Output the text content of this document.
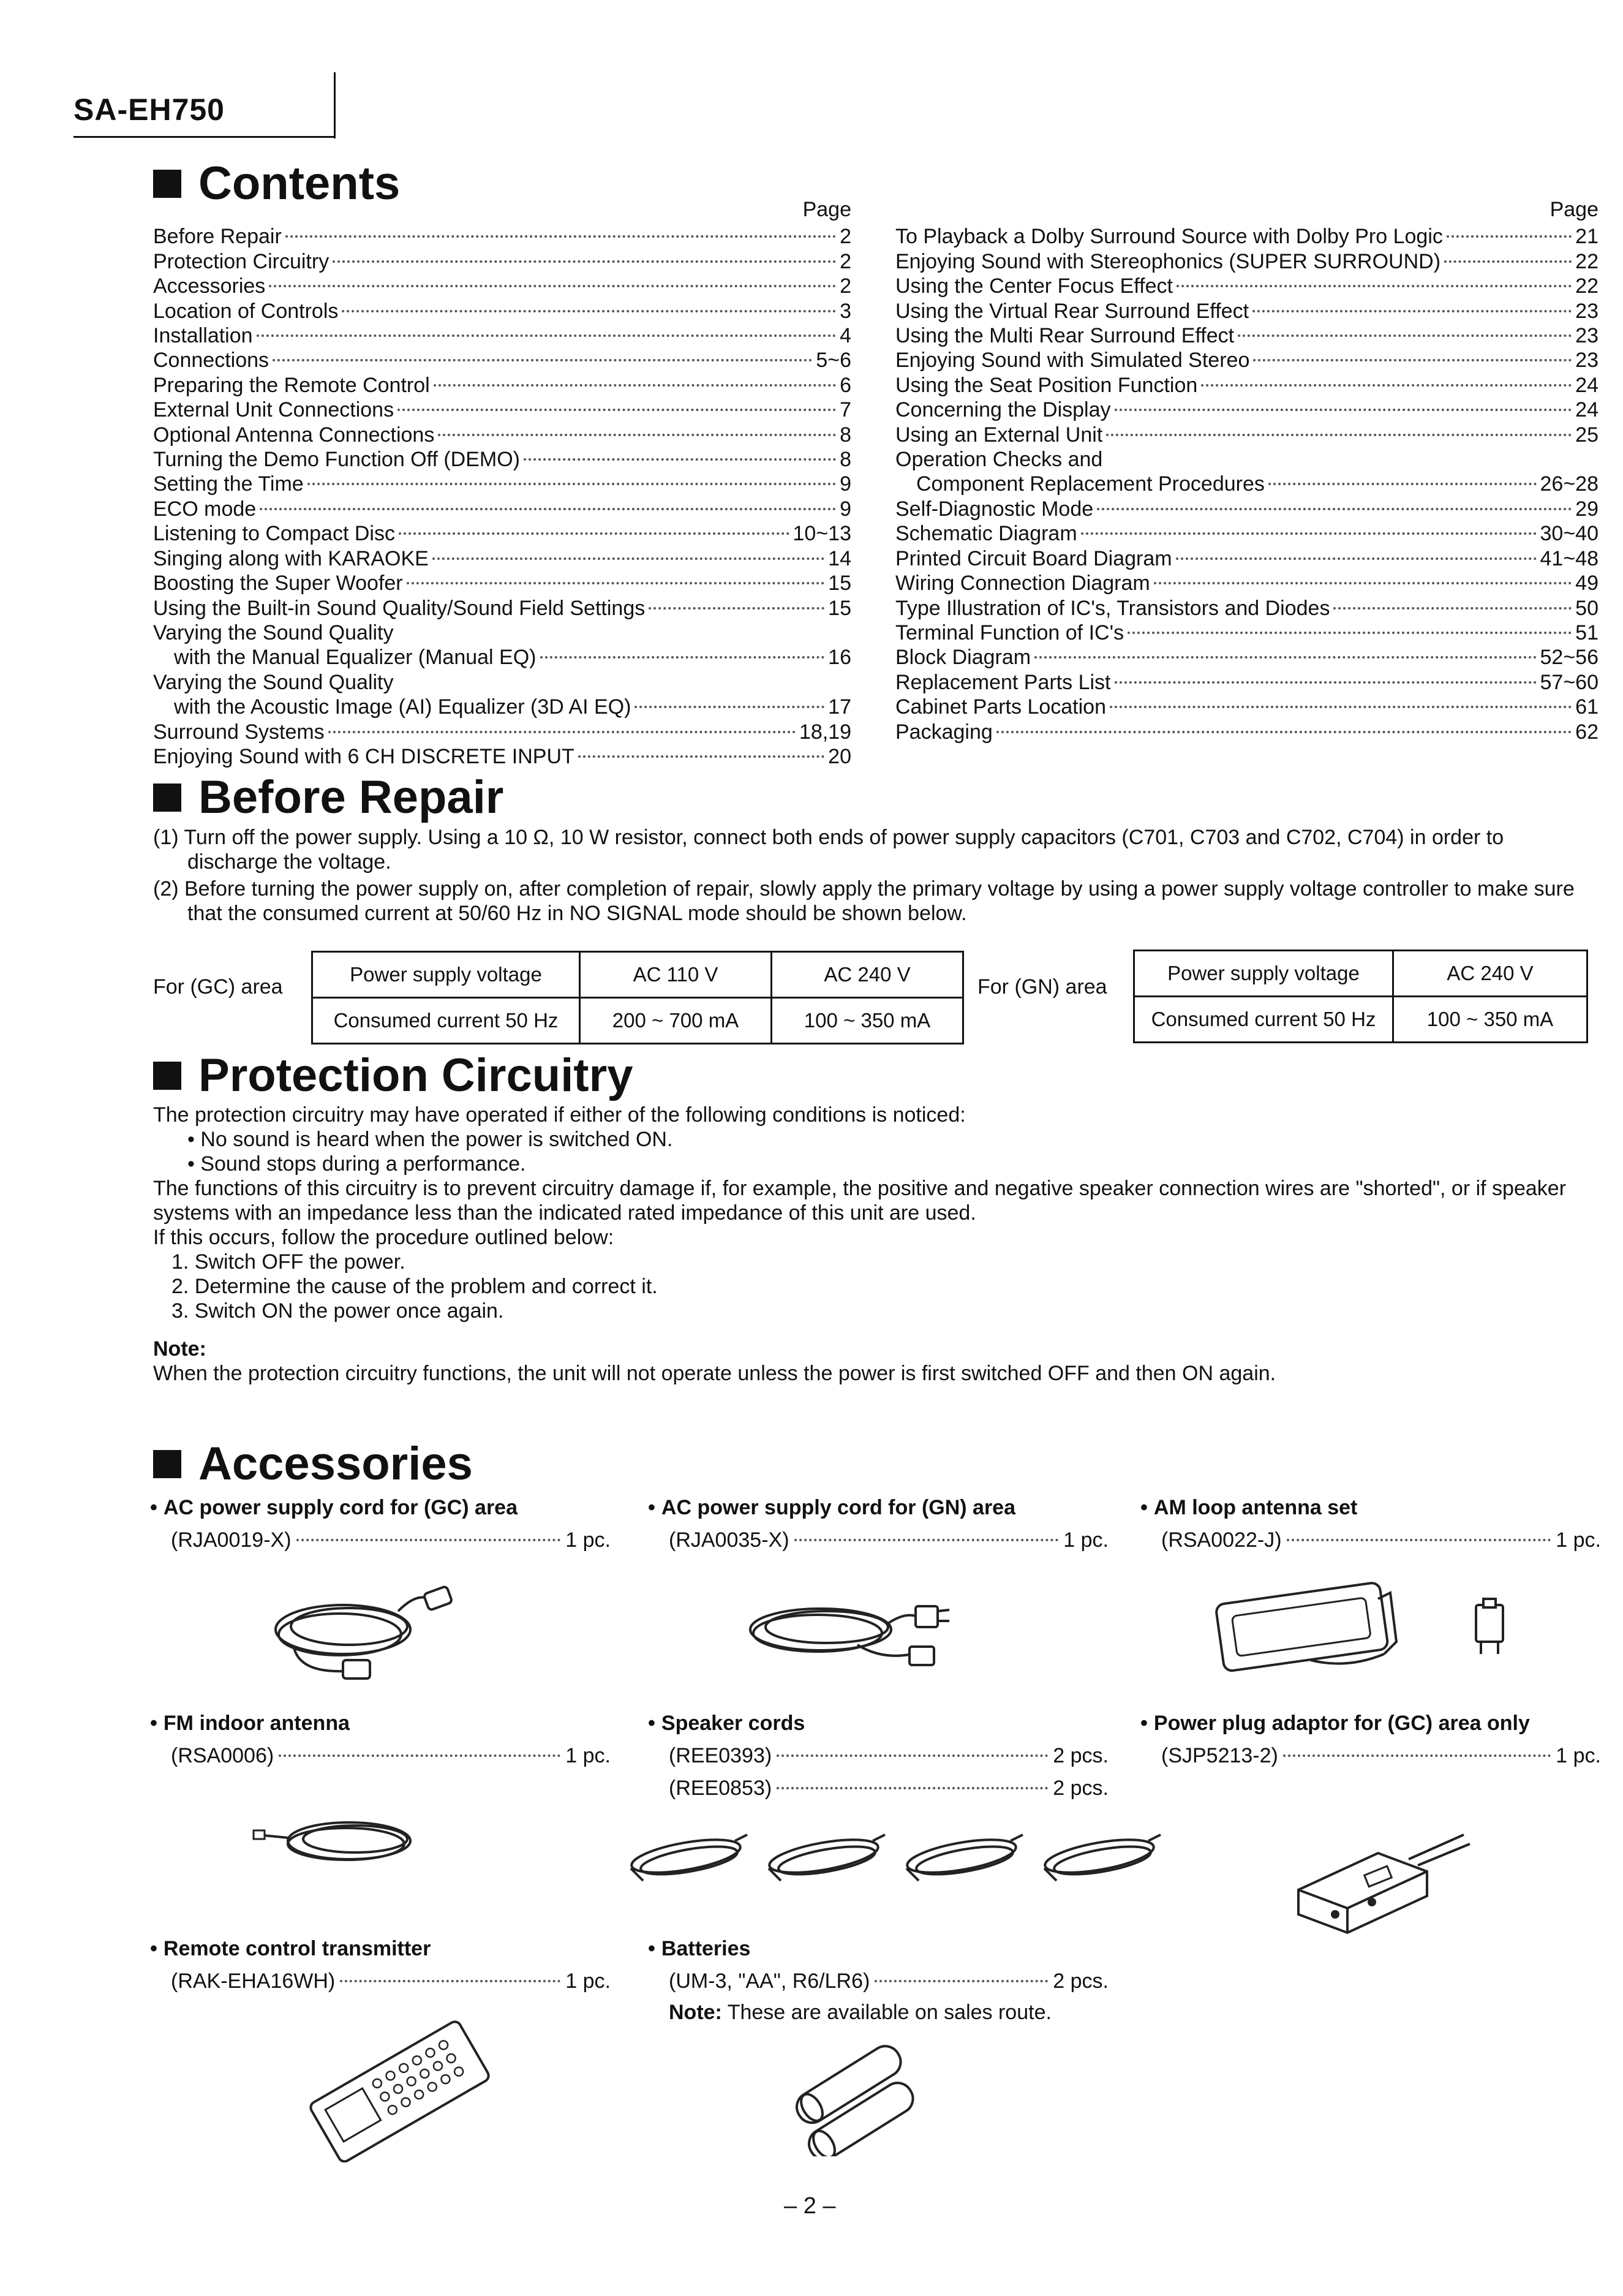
SA-EH750
Contents	Page
Before Repair	2
Protection Circuitry	2
Accessories	2
Location of Controls	3
Installation	4
Connections	5~6
Preparing the Remote Control	6
External Unit Connections	7
Optional Antenna Connections	8
Turning the Demo Function Off (DEMO)	8
Setting the Time	9
ECO mode	9
Listening to Compact Disc	10~13
Singing along with KARAOKE	14
Boosting the Super Woofer	15
Using the Built-in Sound Quality/Sound Field Settings	15
Varying the Sound Quality
with the Manual Equalizer (Manual EQ)	16
Varying the Sound Quality
with the Acoustic Image (AI) Equalizer (3D AI EQ)	17
Surround Systems	18,19
Enjoying Sound with 6 CH DISCRETE INPUT	20
Page
To Playback a Dolby Surround Source with Dolby Pro Logic	21
Enjoying Sound with Stereophonics (SUPER SURROUND)	22
Using the Center Focus Effect	22
Using the Virtual Rear Surround Effect	23
Using the Multi Rear Surround Effect	23
Enjoying Sound with Simulated Stereo	23
Using the Seat Position Function	24
Concerning the Display	24
Using an External Unit	25
Operation Checks and
Component Replacement Procedures	26~28
Self-Diagnostic Mode	29
Schematic Diagram	30~40
Printed Circuit Board Diagram	41~48
Wiring Connection Diagram	49
Type Illustration of IC's, Transistors and Diodes	50
Terminal Function of IC's	51
Block Diagram	52~56
Replacement Parts List	57~60
Cabinet Parts Location	61
Packaging	62
Before Repair
(1) Turn off the power supply. Using a 10 Ω, 10 W resistor, connect both ends of power supply capacitors (C701, C703 and C702, C704) in order to discharge the voltage.
(2) Before turning the power supply on, after completion of repair, slowly apply the primary voltage by using a power supply voltage controller to make sure that the consumed current at 50/60 Hz in NO SIGNAL mode should be shown below.
For (GC) area
Power supply voltage	AC 110 V	AC 240 V
Consumed current 50 Hz	200 ~ 700 mA	100 ~ 350 mA
For (GN) area
Power supply voltage	AC 240 V
Consumed current 50 Hz	100 ~ 350 mA
Protection Circuitry
The protection circuitry may have operated if either of the following conditions is noticed:
• No sound is heard when the power is switched ON.
• Sound stops during a performance.
The functions of this circuitry is to prevent circuitry damage if, for example, the positive and negative speaker connection wires are "shorted", or if speaker systems with an impedance less than the indicated rated impedance of this unit are used.
If this occurs, follow the procedure outlined below:
1. Switch OFF the power.
2. Determine the cause of the problem and correct it.
3. Switch ON the power once again.
Note:
When the protection circuitry functions, the unit will not operate unless the power is first switched OFF and then ON again.
Accessories
• AC power supply cord for (GC) area
(RJA0019-X)	1 pc.
• AC power supply cord for (GN) area
(RJA0035-X)	1 pc.
• AM loop antenna set
(RSA0022-J)	1 pc.
• FM indoor antenna
(RSA0006)	1 pc.
• Speaker cords
(REE0393)	2 pcs.
(REE0853)	2 pcs.
• Power plug adaptor for (GC) area only
(SJP5213-2)	1 pc.
• Remote control transmitter
(RAK-EHA16WH)	1 pc.
• Batteries
(UM-3, "AA", R6/LR6)	2 pcs.
Note: These are available on sales route.
– 2 –
